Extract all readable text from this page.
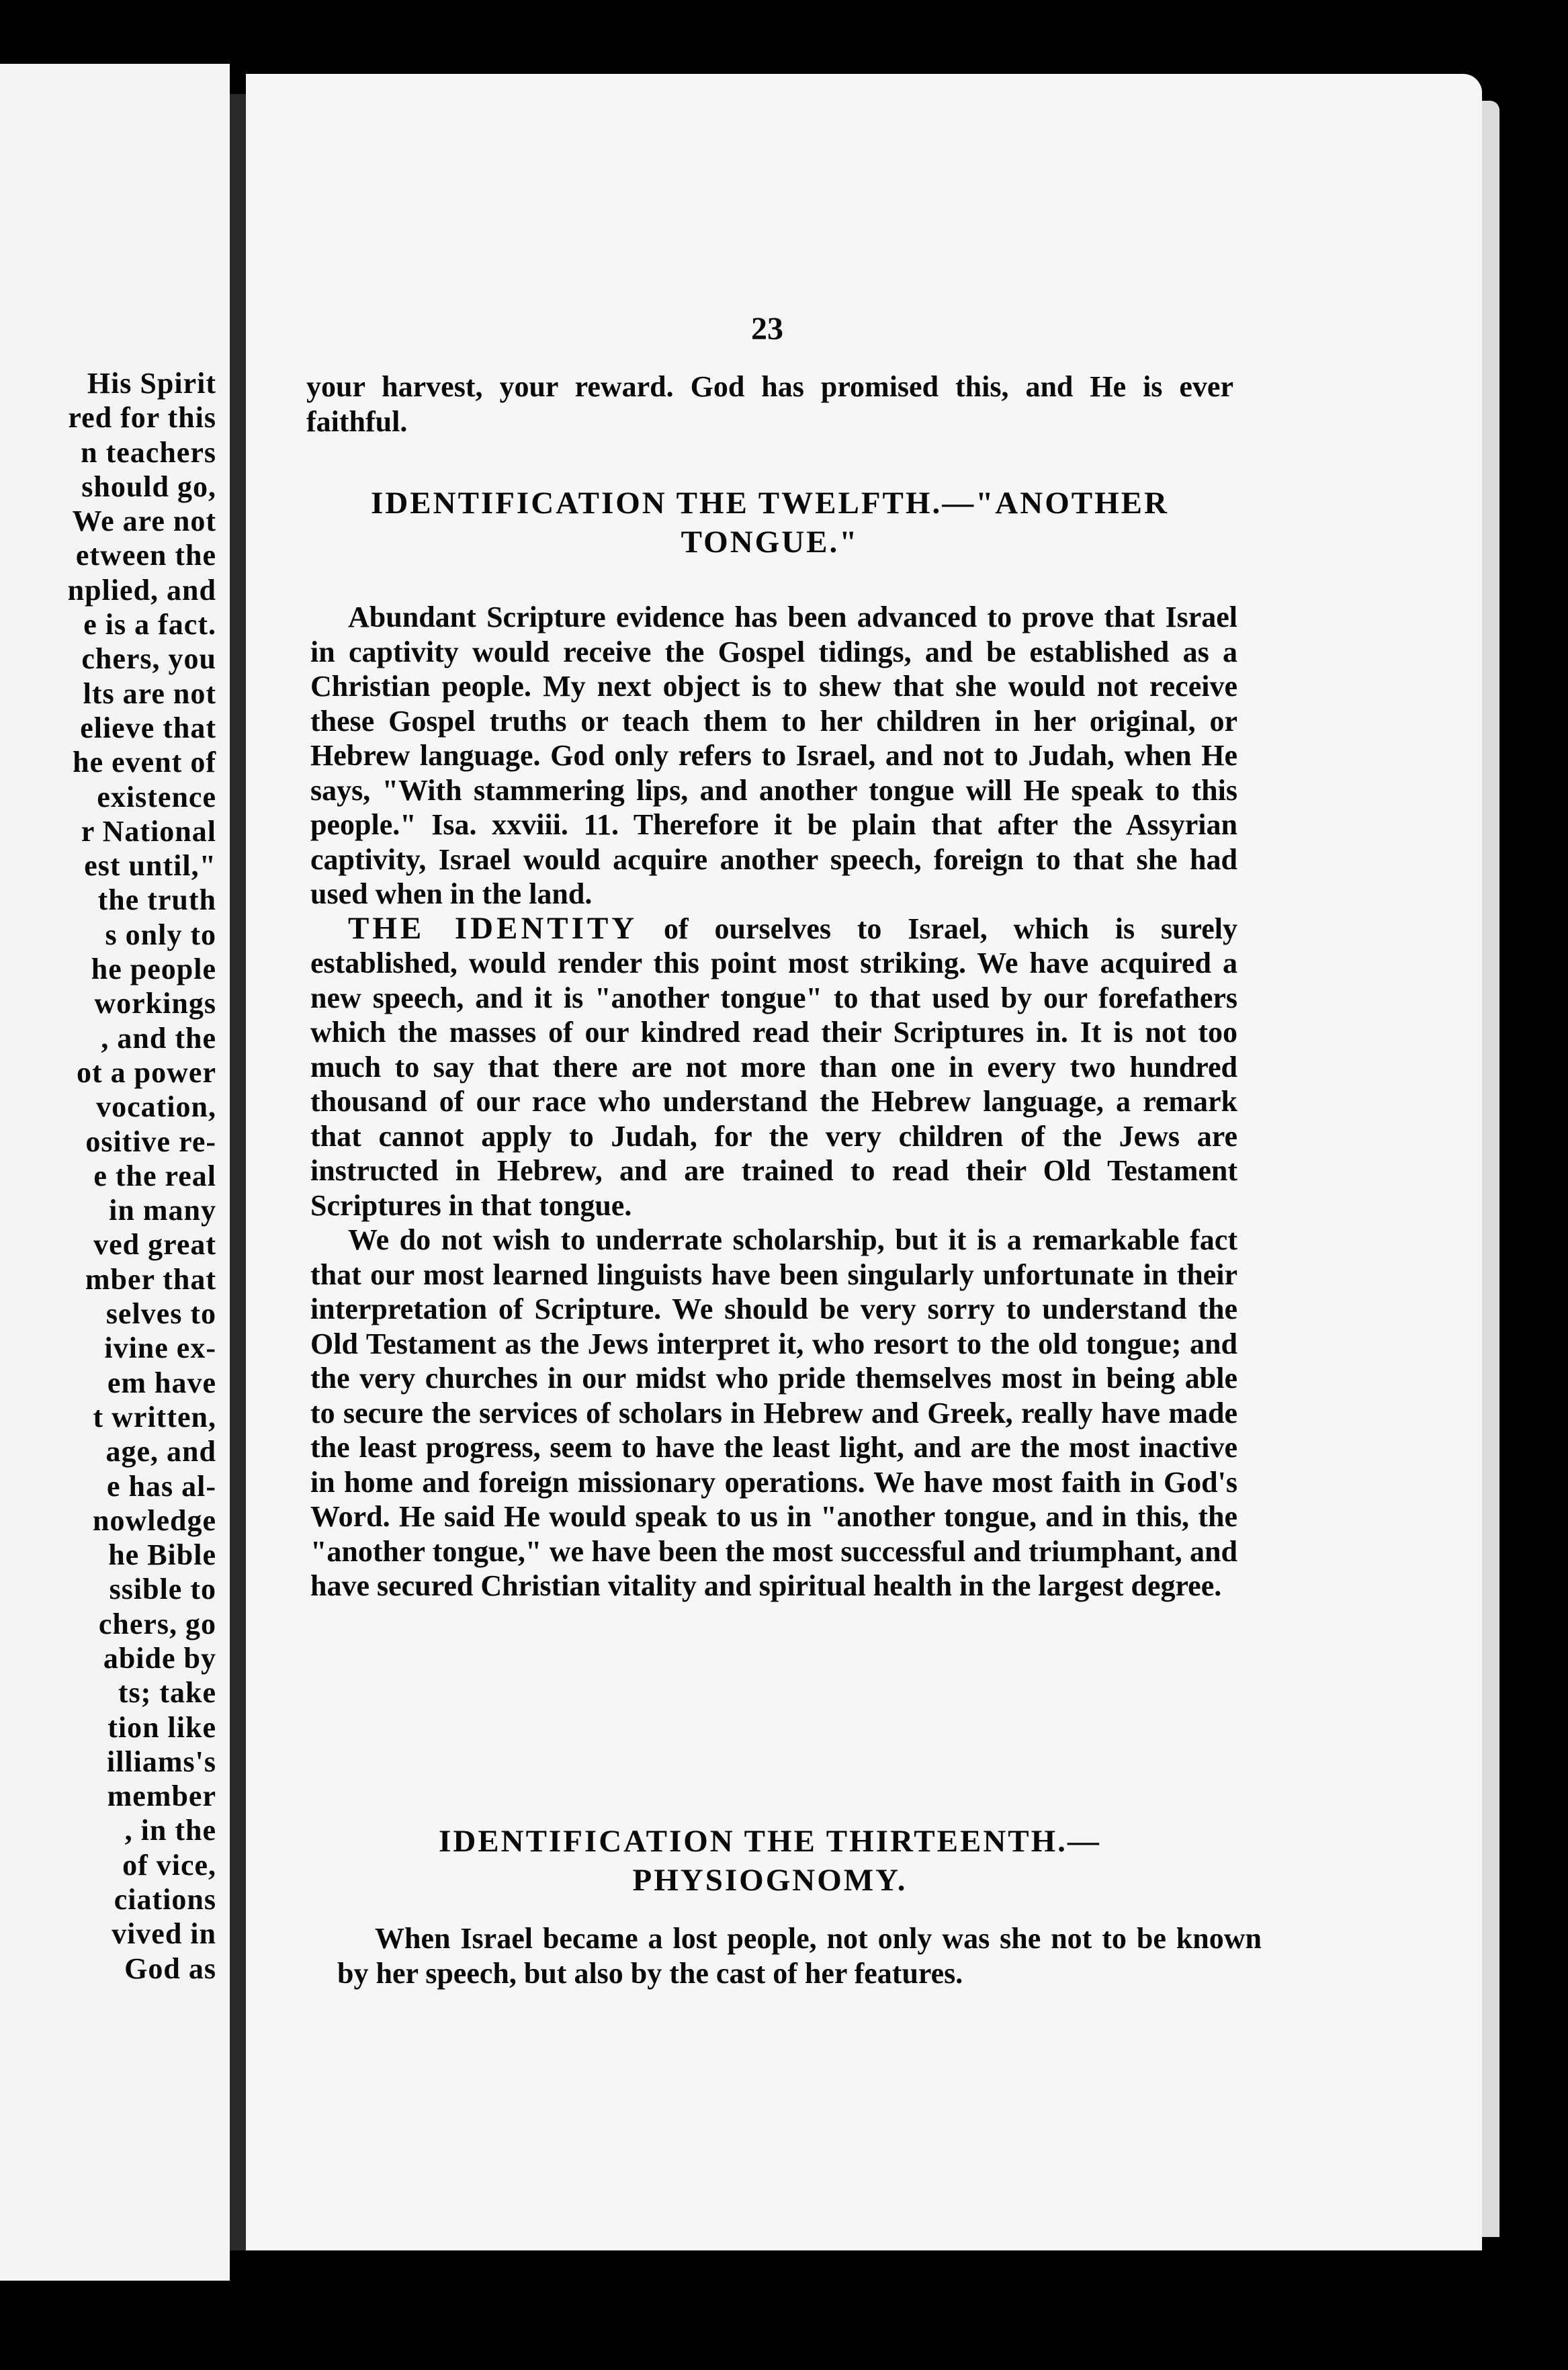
His Spirit
red for this
n teachers
should go,
We are not
etween the
nplied, and
e is a fact.
chers, you
lts are not
elieve that
he event of
existence
r National
est until,"
the truth
s only to
he people
workings
, and the
ot a power
vocation,
ositive re-
e the real
in many
ved great
mber that
selves to
ivine ex-
em have
t written,
age, and
e has al-
nowledge
he Bible
ssible to
chers, go
abide by
ts; take
tion like
illiams's
member
, in the
of vice,
ciations
vived in
God as
23

your harvest, your reward. God has promised this, and He is ever faithful.

IDENTIFICATION THE TWELFTH.—"ANOTHER

TONGUE."

Abundant Scripture evidence has been advanced to prove that Israel in captivity would receive the Gospel tidings, and be established as a Christian people. My next object is to shew that she would not receive these Gospel truths or teach them to her children in her original, or Hebrew language. God only refers to Israel, and not to Judah, when He says, "With stammering lips, and another tongue will He speak to this people." Isa. xxviii. 11. Therefore it be plain that after the Assyrian captivity, Israel would acquire another speech, foreign to that she had used when in the land.

THE IDENTITY of ourselves to Israel, which is surely established, would render this point most striking. We have acquired a new speech, and it is "another tongue" to that used by our forefathers which the masses of our kindred read their Scriptures in. It is not too much to say that there are not more than one in every two hundred thousand of our race who understand the Hebrew language, a remark that cannot apply to Judah, for the very children of the Jews are instructed in Hebrew, and are trained to read their Old Testament Scriptures in that tongue.

We do not wish to underrate scholarship, but it is a remarkable fact that our most learned linguists have been singularly unfortunate in their interpretation of Scripture. We should be very sorry to understand the Old Testament as the Jews interpret it, who resort to the old tongue; and the very churches in our midst who pride themselves most in being able to secure the services of scholars in Hebrew and Greek, really have made the least progress, seem to have the least light, and are the most inactive in home and foreign missionary operations. We have most faith in God's Word. He said He would speak to us in "another tongue, and in this, the "another tongue," we have been the most successful and triumphant, and have secured Christian vitality and spiritual health in the largest degree.

IDENTIFICATION THE THIRTEENTH.—

PHYSIOGNOMY.

When Israel became a lost people, not only was she not to be known by her speech, but also by the cast of her features.
